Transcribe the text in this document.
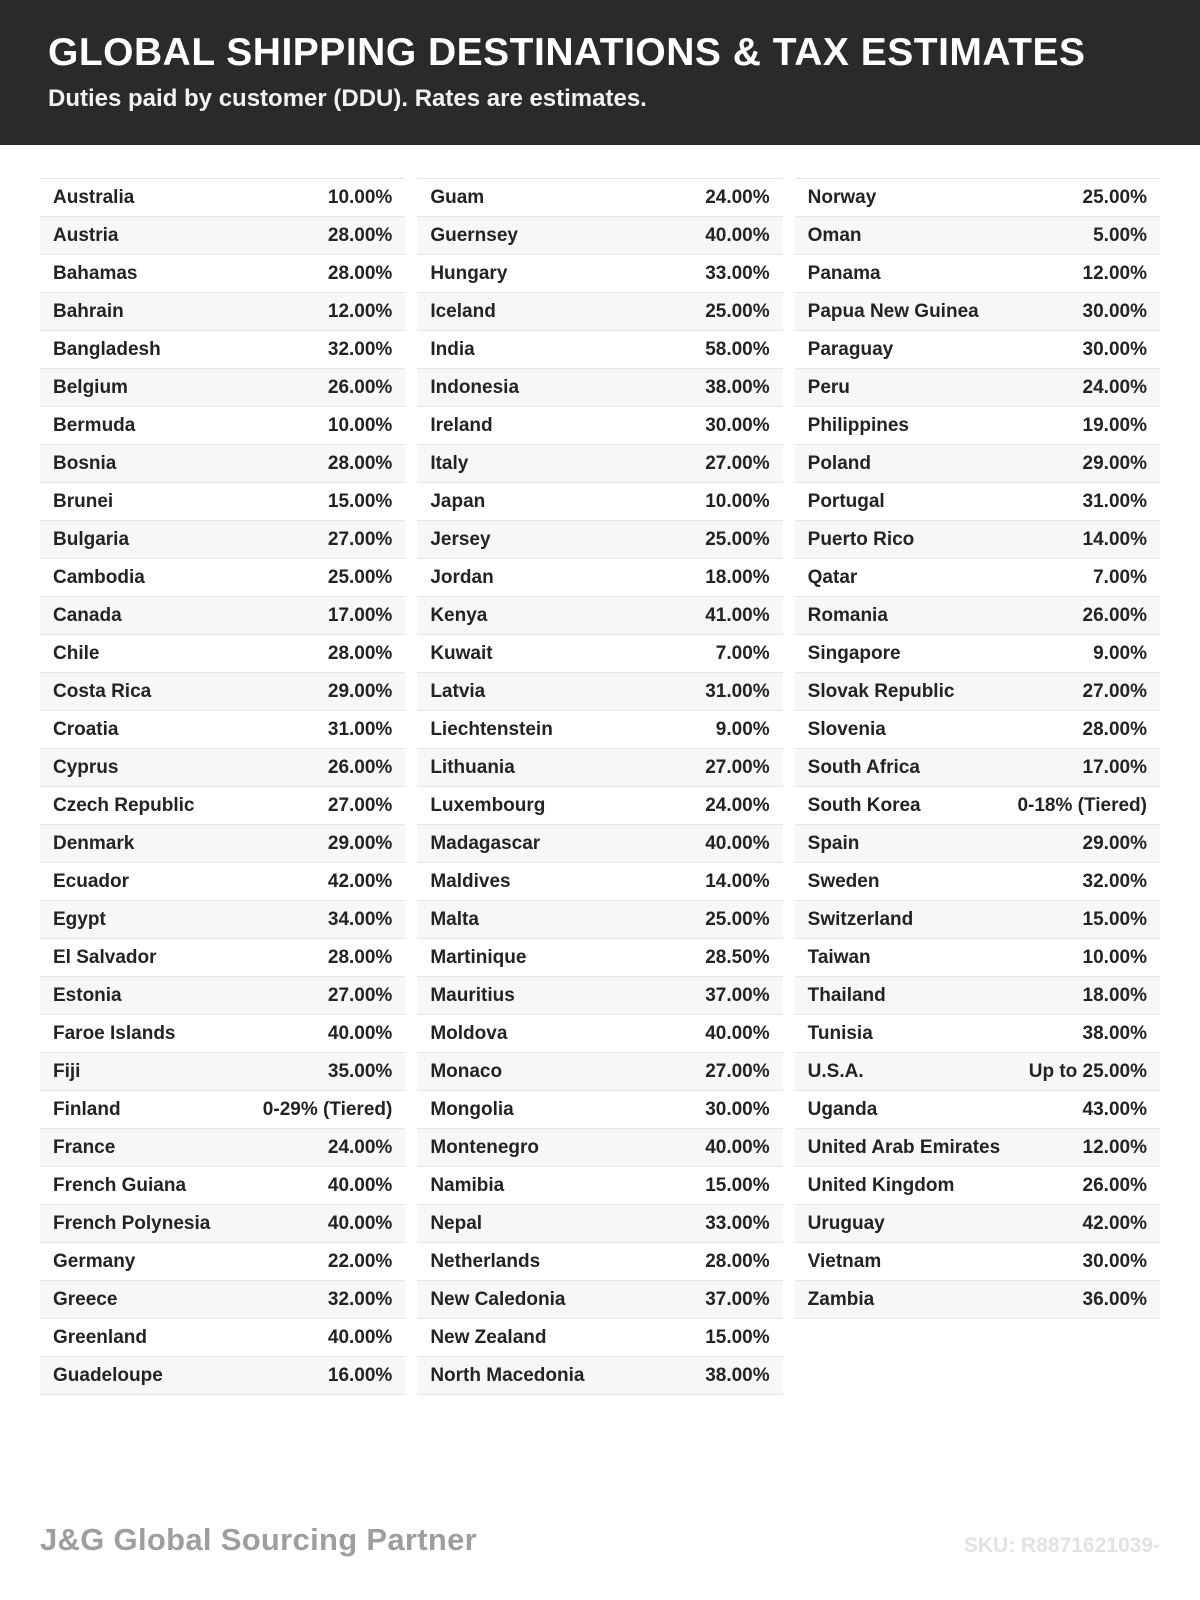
GLOBAL SHIPPING DESTINATIONS & TAX ESTIMATES

Duties paid by customer (DDU). Rates are estimates.

Australia	10.00%
Austria	28.00%
Bahamas	28.00%
Bahrain	12.00%
Bangladesh	32.00%
Belgium	26.00%
Bermuda	10.00%
Bosnia	28.00%
Brunei	15.00%
Bulgaria	27.00%
Cambodia	25.00%
Canada	17.00%
Chile	28.00%
Costa Rica	29.00%
Croatia	31.00%
Cyprus	26.00%
Czech Republic	27.00%
Denmark	29.00%
Ecuador	42.00%
Egypt	34.00%
El Salvador	28.00%
Estonia	27.00%
Faroe Islands	40.00%
Fiji	35.00%
Finland	0-29% (Tiered)
France	24.00%
French Guiana	40.00%
French Polynesia	40.00%
Germany	22.00%
Greece	32.00%
Greenland	40.00%
Guadeloupe	16.00%
Guam	24.00%
Guernsey	40.00%
Hungary	33.00%
Iceland	25.00%
India	58.00%
Indonesia	38.00%
Ireland	30.00%
Italy	27.00%
Japan	10.00%
Jersey	25.00%
Jordan	18.00%
Kenya	41.00%
Kuwait	7.00%
Latvia	31.00%
Liechtenstein	9.00%
Lithuania	27.00%
Luxembourg	24.00%
Madagascar	40.00%
Maldives	14.00%
Malta	25.00%
Martinique	28.50%
Mauritius	37.00%
Moldova	40.00%
Monaco	27.00%
Mongolia	30.00%
Montenegro	40.00%
Namibia	15.00%
Nepal	33.00%
Netherlands	28.00%
New Caledonia	37.00%
New Zealand	15.00%
North Macedonia	38.00%
Norway	25.00%
Oman	5.00%
Panama	12.00%
Papua New Guinea	30.00%
Paraguay	30.00%
Peru	24.00%
Philippines	19.00%
Poland	29.00%
Portugal	31.00%
Puerto Rico	14.00%
Qatar	7.00%
Romania	26.00%
Singapore	9.00%
Slovak Republic	27.00%
Slovenia	28.00%
South Africa	17.00%
South Korea	0-18% (Tiered)
Spain	29.00%
Sweden	32.00%
Switzerland	15.00%
Taiwan	10.00%
Thailand	18.00%
Tunisia	38.00%
U.S.A.	Up to 25.00%
Uganda	43.00%
United Arab Emirates	12.00%
United Kingdom	26.00%
Uruguay	42.00%
Vietnam	30.00%
Zambia	36.00%
J&G Global Sourcing Partner	SKU: R8871621039-
